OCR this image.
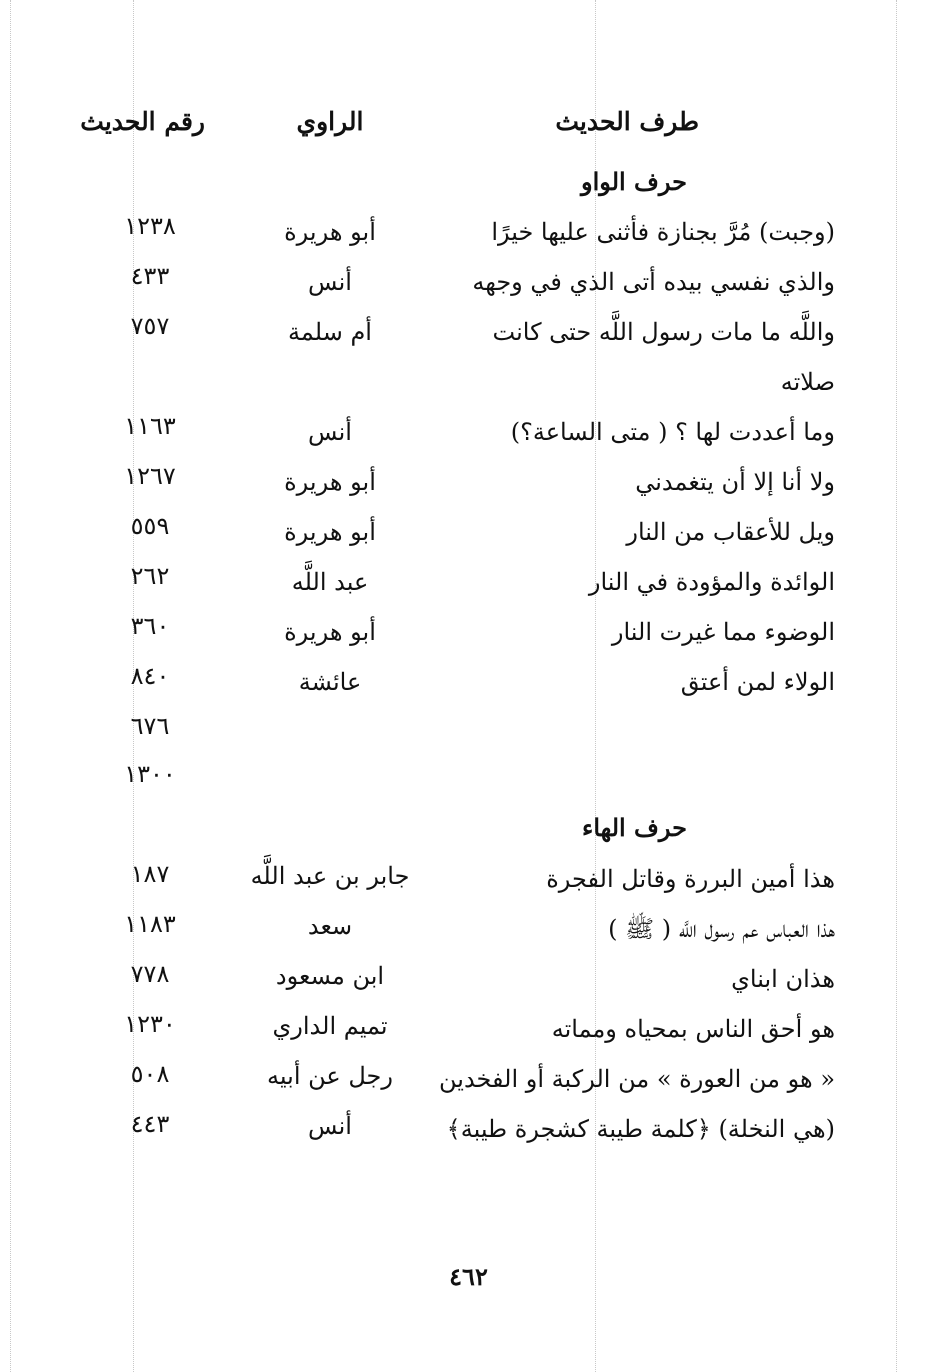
طرف الحديث
الراوي
رقم الحديث
حرف الواو
(وجبت) مُرَّ بجنازة فأثنى عليها خيرًا
أبو هريرة
١٢٣٨
والذي نفسي بيده أتى الذي في وجهه
أنس
٤٣٣
واللَّه ما مات رسول اللَّه حتى كانت
أم سلمة
٧٥٧
صلاته
وما أعددت لها ؟ ( متى الساعة؟)
أنس
١١٦٣
ولا أنا إلا أن يتغمدني
أبو هريرة
١٢٦٧
ويل للأعقاب من النار
أبو هريرة
٥٥٩
الوائدة والمؤودة في النار
عبد اللَّه
٢٦٢
الوضوء مما غيرت النار
أبو هريرة
٣٦٠
الولاء لمن أعتق
عائشة
٨٤٠
٦٧٦
١٣٠٠
حرف الهاء
هذا أمين البررة وقاتل الفجرة
جابر بن عبد اللَّه
١٨٧
هذا العباس عم رسول اللَّه ( ﷺ )
سعد
١١٨٣
هذان ابناي
ابن مسعود
٧٧٨
هو أحق الناس بمحياه ومماته
تميم الداري
١٢٣٠
« هو من العورة » من الركبة أو الفخدين
رجل عن أبيه
٥٠٨
(هي النخلة) ﴿كلمة طيبة كشجرة طيبة﴾
أنس
٤٤٣
٤٦٢
